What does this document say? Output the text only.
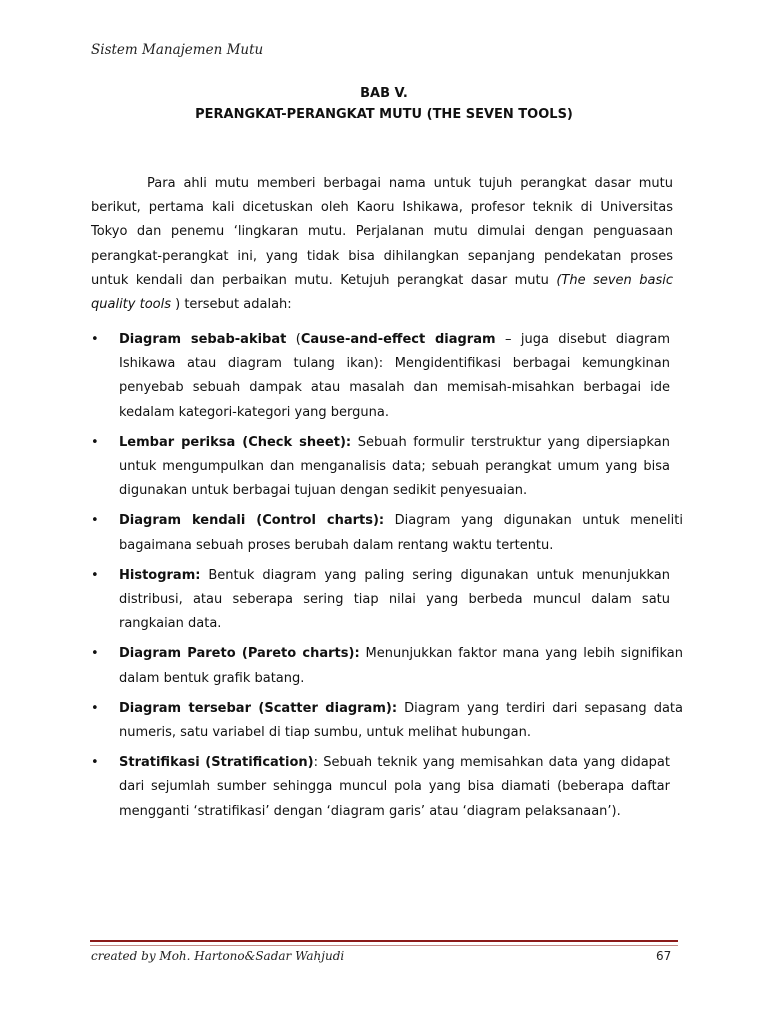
Sistem Manajemen Mutu
BAB V.
PERANGKAT-PERANGKAT MUTU (THE SEVEN TOOLS)

Para ahli mutu memberi berbagai nama untuk tujuh perangkat dasar mutu berikut, pertama kali dicetuskan oleh Kaoru Ishikawa, profesor teknik di Universitas Tokyo dan penemu ‘lingkaran mutu. Perjalanan mutu dimulai dengan penguasaan perangkat-perangkat ini, yang tidak bisa dihilangkan sepanjang pendekatan proses untuk kendali dan perbaikan mutu. Ketujuh perangkat dasar mutu (The seven basic quality tools ) tersebut adalah:

• Diagram sebab-akibat (Cause-and-effect diagram – juga disebut diagram Ishikawa atau diagram tulang ikan): Mengidentifikasi berbagai kemungkinan penyebab sebuah dampak atau masalah dan memisah-misahkan berbagai ide kedalam kategori-kategori yang berguna.
• Lembar periksa (Check sheet): Sebuah formulir terstruktur yang dipersiapkan untuk mengumpulkan dan menganalisis data; sebuah perangkat umum yang bisa digunakan untuk berbagai tujuan dengan sedikit penyesuaian.
• Diagram kendali (Control charts): Diagram yang digunakan untuk meneliti bagaimana sebuah proses berubah dalam rentang waktu tertentu.
• Histogram: Bentuk diagram yang paling sering digunakan untuk menunjukkan distribusi, atau seberapa sering tiap nilai yang berbeda muncul dalam satu rangkaian data.
• Diagram Pareto (Pareto charts): Menunjukkan faktor mana yang lebih signifikan dalam bentuk grafik batang.
• Diagram tersebar (Scatter diagram): Diagram yang terdiri dari sepasang data numeris, satu variabel di tiap sumbu, untuk melihat hubungan.
• Stratifikasi (Stratification): Sebuah teknik yang memisahkan data yang didapat dari sejumlah sumber sehingga muncul pola yang bisa diamati (beberapa daftar mengganti ‘stratifikasi’ dengan ‘diagram garis’ atau ‘diagram pelaksanaan’).
created by Moh. Hartono&Sadar Wahjudi	67
